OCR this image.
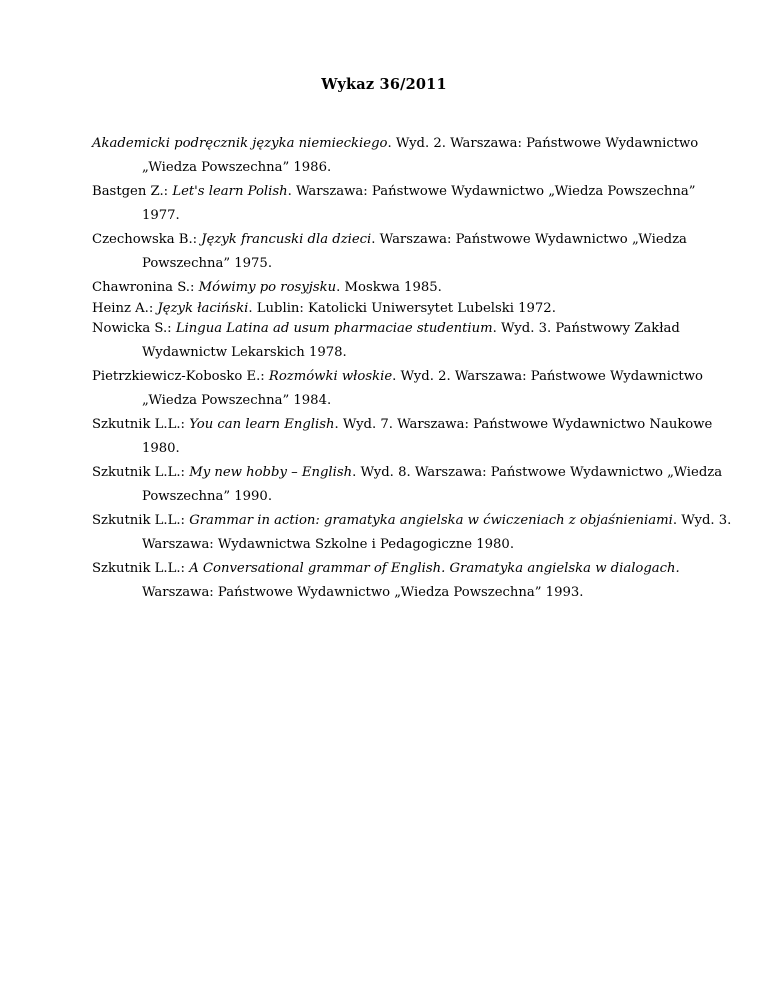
Wykaz 36/2011

Akademicki podręcznik języka niemieckiego. Wyd. 2. Warszawa: Państwowe Wydawnictwo „Wiedza Powszechna” 1986.

Bastgen Z.: Let's learn Polish. Warszawa: Państwowe Wydawnictwo „Wiedza Powszechna” 1977.

Czechowska B.: Język francuski dla dzieci. Warszawa: Państwowe Wydawnictwo „Wiedza Powszechna” 1975.

Chawronina S.: Mówimy po rosyjsku. Moskwa 1985.

Heinz A.: Język łaciński. Lublin: Katolicki Uniwersytet Lubelski 1972.

Nowicka S.: Lingua Latina ad usum pharmaciae studentium. Wyd. 3. Państwowy Zakład Wydawnictw Lekarskich 1978.

Pietrzkiewicz-Kobosko E.: Rozmówki włoskie. Wyd. 2. Warszawa: Państwowe Wydawnictwo „Wiedza Powszechna” 1984.

Szkutnik L.L.: You can learn English. Wyd. 7. Warszawa: Państwowe Wydawnictwo Naukowe 1980.

Szkutnik L.L.: My new hobby – English. Wyd. 8. Warszawa: Państwowe Wydawnictwo „Wiedza Powszechna” 1990.

Szkutnik L.L.: Grammar in action: gramatyka angielska w ćwiczeniach z objaśnieniami. Wyd. 3. Warszawa: Wydawnictwa Szkolne i Pedagogiczne 1980.

Szkutnik L.L.: A Conversational grammar of English. Gramatyka angielska w dialogach. Warszawa: Państwowe Wydawnictwo „Wiedza Powszechna” 1993.
